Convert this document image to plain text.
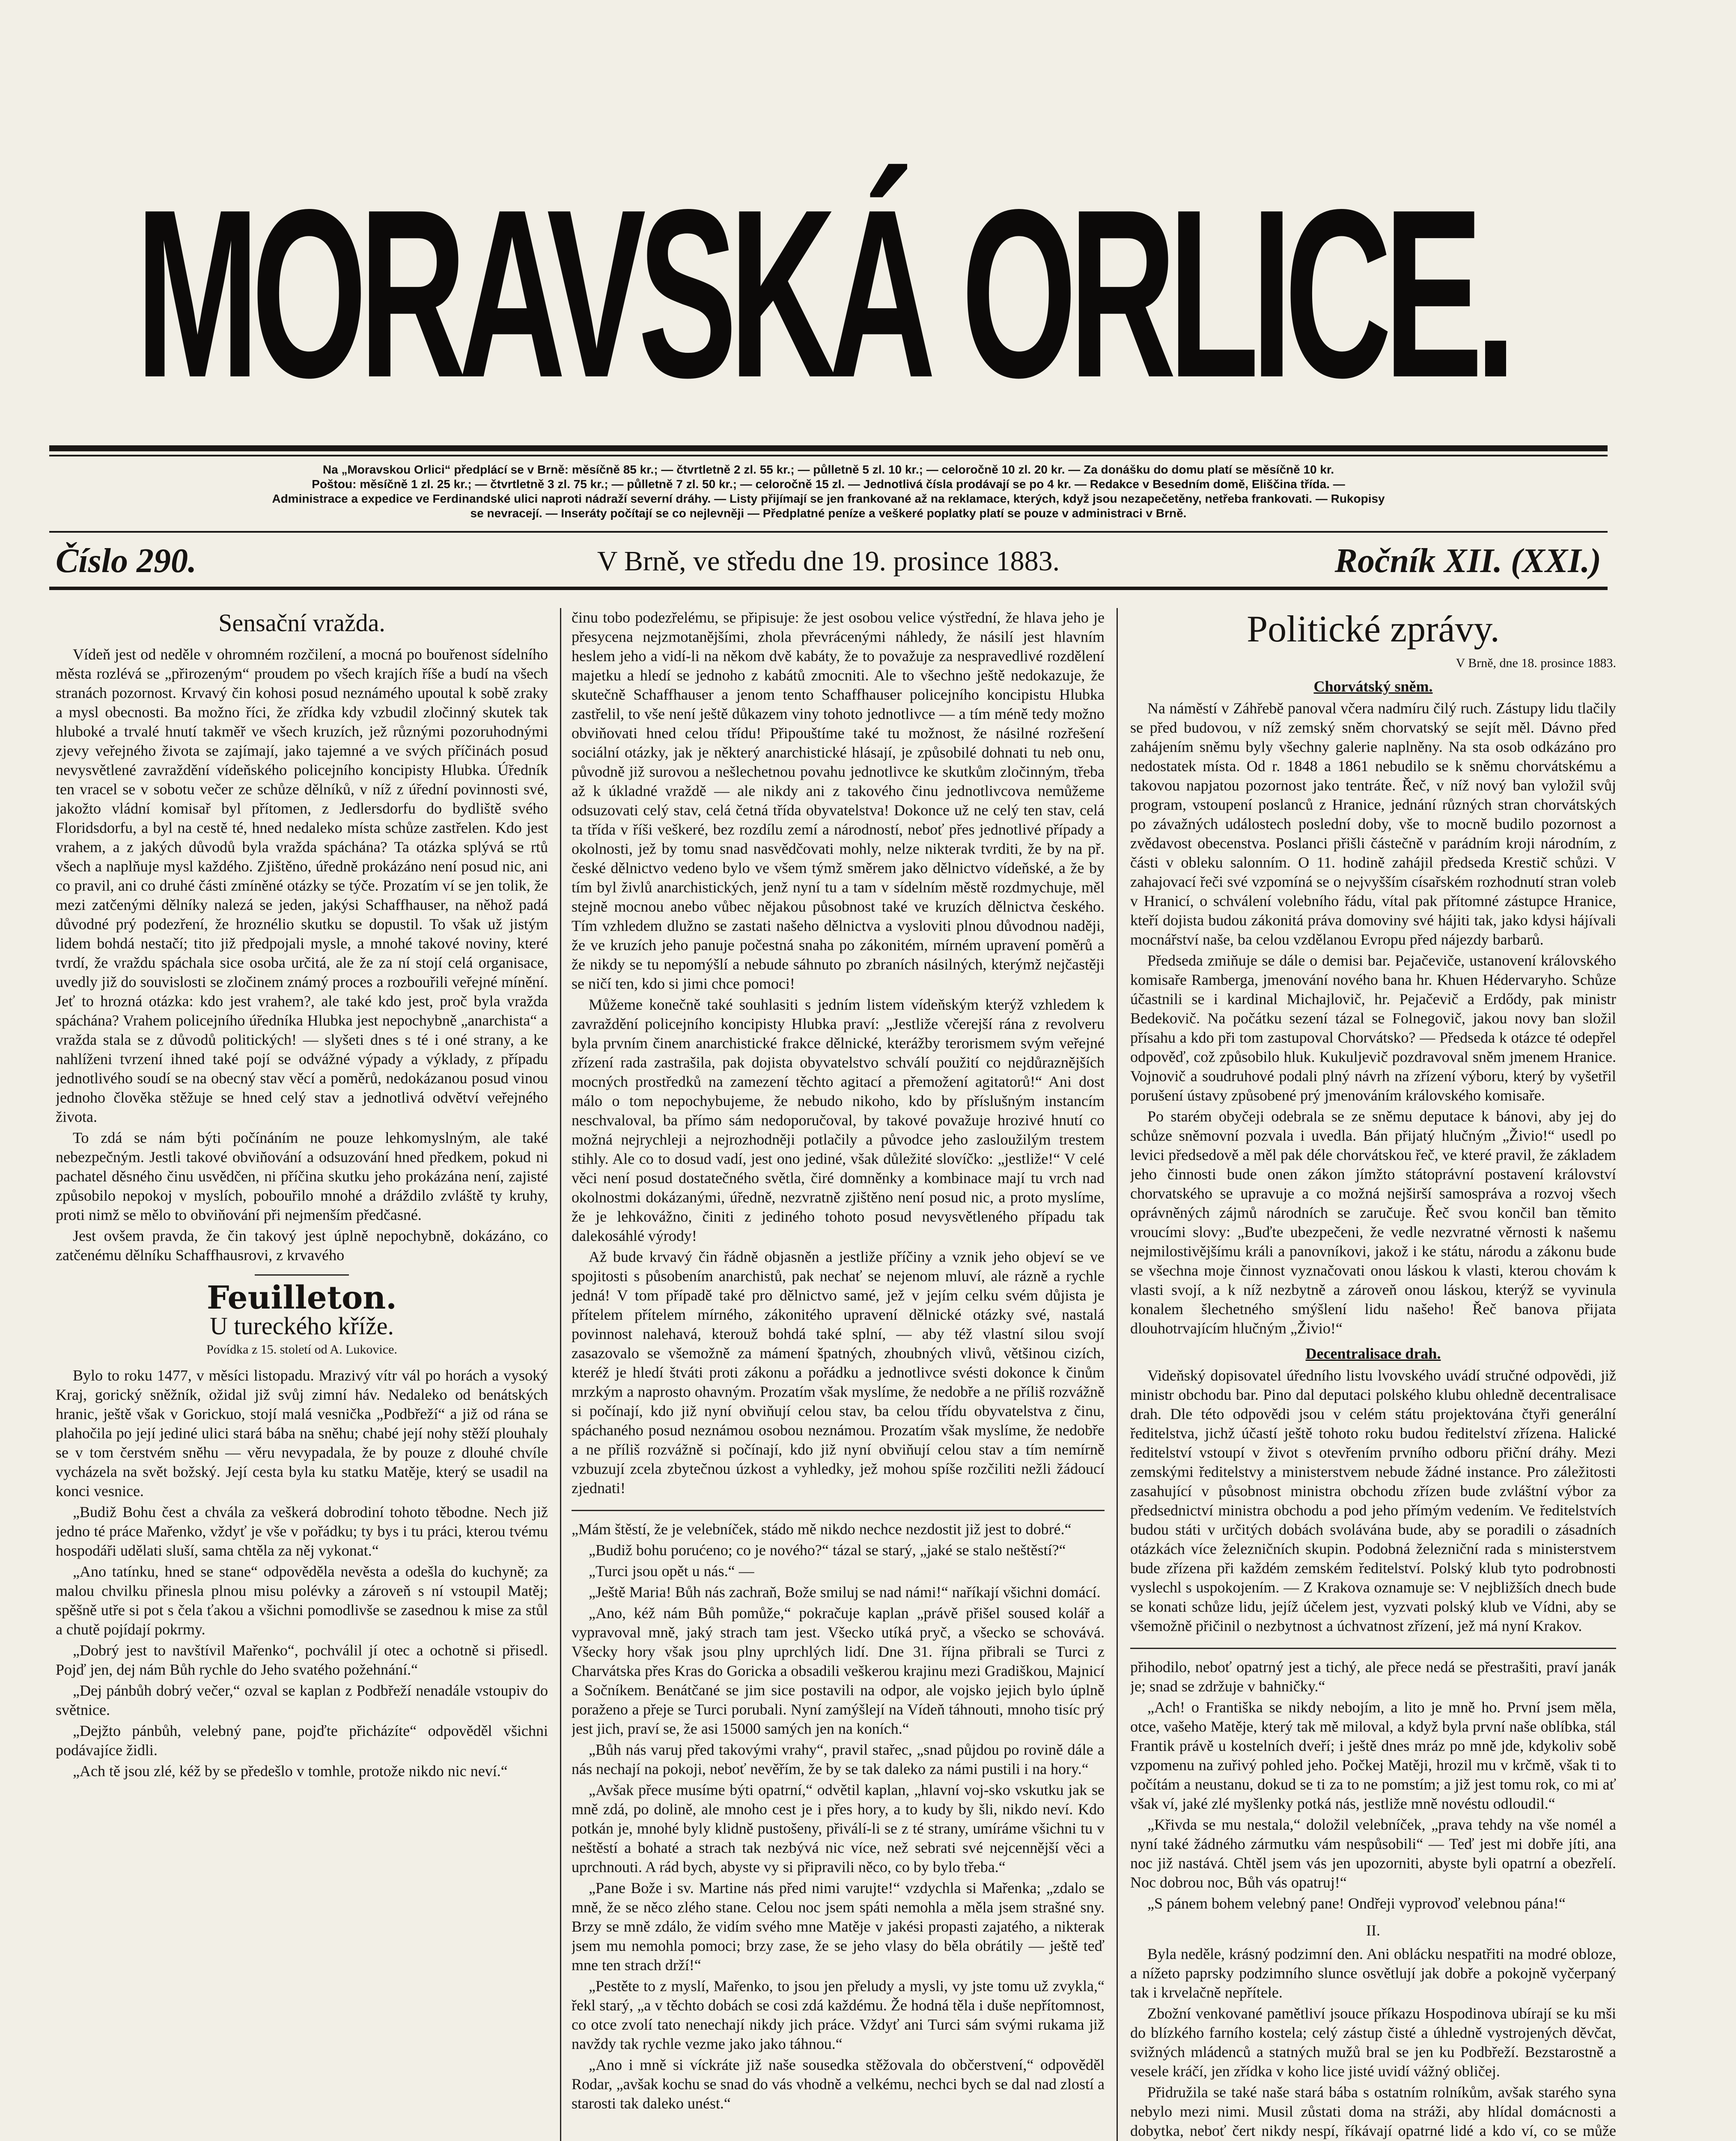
MORAVSKÁ ORLICE.

Na „Moravskou Orlici“ předplácí se v Brně: měsíčně 85 kr.; — čtvrtletně 2 zl. 55 kr.; — půlletně 5 zl. 10 kr.; — celoročně 10 zl. 20 kr. — Za donášku do domu platí se měsíčně 10 kr.

Poštou: měsíčně 1 zl. 25 kr.; — čtvrtletně 3 zl. 75 kr.; — půlletně 7 zl. 50 kr.; — celoročně 15 zl. — Jednotlivá čísla prodávají se po 4 kr. — Redakce v Besedním domě, Eliščina třída. —

Administrace a expedice ve Ferdinandské ulici naproti nádraží severní dráhy. — Listy přijímají se jen frankované až na reklamace, kterých, když jsou nezapečetěny, netřeba frankovati. — Rukopisy

se nevracejí. — Inseráty počítají se co nejlevněji — Předplatné peníze a veškeré poplatky platí se pouze v administraci v Brně.

Číslo 290.	V Brně, ve středu dne 19. prosince 1883.	Ročník XII. (XXI.)
Sensační vražda.

Vídeň jest od neděle v ohromném rozčilení, a mocná po bouřenost sídelního města rozlévá se „přirozeným“ proudem po všech krajích říše a budí na všech stranách pozornost. Krvavý čin kohosi posud neznámého upoutal k sobě zraky a mysl obecnosti. Ba možno říci, že zřídka kdy vzbudil zločinný skutek tak hluboké a trvalé hnutí takměř ve všech kruzích, jež různými pozoruhodnými zjevy veřejného života se zajímají, jako tajemné a ve svých příčinách posud nevysvětlené zavraždění vídeňského policejního koncipisty Hlubka. Úředník ten vracel se v sobotu večer ze schůze dělníků, v níž z úřední povinnosti své, jakožto vládní komisař byl přítomen, z Jedlersdorfu do bydliště svého Floridsdorfu, a byl na cestě té, hned nedaleko místa schůze zastřelen. Kdo jest vrahem, a z jakých důvodů byla vražda spáchána? Ta otázka splývá se rtů všech a naplňuje mysl každého. Zjištěno, úředně prokázáno není posud nic, ani co pravil, ani co druhé části zmíněné otázky se týče. Prozatím ví se jen tolik, že mezi zatčenými dělníky nalezá se jeden, jakýsi Schaffhauser, na něhož padá důvodné prý podezření, že hroznélio skutku se dopustil. To však už jistým lidem bohdá nestačí; tito již předpojali mysle, a mnohé takové noviny, které tvrdí, že vraždu spáchala sice osoba určitá, ale že za ní stojí celá organisace, uvedly již do souvislosti se zločinem známý proces a rozbouřili veřejné mínění. Jeť to hrozná otázka: kdo jest vrahem?, ale také kdo jest, proč byla vražda spáchána? Vrahem policejního úředníka Hlubka jest nepochybně „anarchista“ a vražda stala se z důvodů politických! — slyšeti dnes s té i oné strany, a ke nahlíženi tvrzení ihned také pojí se odvážné výpady a výklady, z případu jednotlivého soudí se na obecný stav věcí a poměrů, nedokázanou posud vinou jednoho člověka stěžuje se hned celý stav a jednotlivá odvětví veřejného života.

To zdá se nám býti počínáním ne pouze lehkomyslným, ale také nebezpečným. Jestli takové obviňování a odsuzování hned předkem, pokud ni pachatel děsného činu usvědčen, ni příčina skutku jeho prokázána není, zajisté způsobilo nepokoj v myslích, pobouřilo mnohé a dráždilo zvláště ty kruhy, proti nimž se mělo to obviňování při nejmenším předčasné.

Jest ovšem pravda, že čin takový jest úplně nepochybně, dokázáno, co zatčenému dělníku Schaffhausrovi, z krvavého

Feuilleton.
U tureckého kříže.
Povídka z 15. století od A. Lukovice.

Bylo to roku 1477, v měsíci listopadu. Mrazivý vítr vál po horách a vysoký Kraj, gorický sněžník, ožidal již svůj zimní háv. Nedaleko od benátských hranic, ještě však v Gorickuo, stojí malá vesnička „Podbřeží“ a již od rána se plahočila po její jediné ulici stará bába na sněhu; chabé její nohy stěží plouhaly se v tom čerstvém sněhu — věru nevypadala, že by pouze z dlouhé chvíle vycházela na svět božský. Její cesta byla ku statku Matěje, který se usadil na konci vesnice.

„Budiž Bohu čest a chvála za veškerá dobrodiní tohoto těbodne. Nech již jedno té práce Mařenko, vždyť je vše v pořádku; ty bys i tu práci, kterou tvému hospodáři udělati sluší, sama chtěla za něj vykonat.“

„Ano tatínku, hned se stane“ odpověděla nevěsta a odešla do kuchyně; za malou chvilku přinesla plnou misu polévky a zároveň s ní vstoupil Matěj; spěšně utře si pot s čela ťakou a všichni pomodlivše se zasednou k mise za stůl a chutě pojídají pokrmy.

„Dobrý jest to navštívil Mařenko“, pochválil jí otec a ochotně si přisedl. Pojď jen, dej nám Bůh rychle do Jeho svatého požehnání.“

„Dej pánbůh dobrý večer,“ ozval se kaplan z Podbřeží nenadále vstoupiv do světnice.

„Dejžto pánbůh, velebný pane, pojďte přicházíte“ odpověděl všichni podávajíce židli.

„Ach tě jsou zlé, kéž by se předešlo v tomhle, protože nikdo nic neví.“

činu tobo podezřelému, se připisuje: že jest osobou velice výstřední, že hlava jeho je přesycena nejzmotanějšími, zhola převrácenými náhledy, že násilí jest hlavním heslem jeho a vidí-li na někom dvě kabáty, že to považuje za nespravedlivé rozdělení majetku a hledí se jednoho z kabátů zmocniti. Ale to všechno ještě nedokazuje, že skutečně Schaffhauser a jenom tento Schaffhauser policejního koncipistu Hlubka zastřelil, to vše není ještě důkazem viny tohoto jednotlivce — a tím méně tedy možno obviňovati hned celou třídu! Připouštíme také tu možnost, že násilné rozřešení sociální otázky, jak je některý anarchistické hlásají, je způsobilé dohnati tu neb onu, původně již surovou a nešlechetnou povahu jednotlivce ke skutkům zločinným, třeba až k úkladné vraždě — ale nikdy ani z takového činu jednotlivcova nemůžeme odsuzovati celý stav, celá četná třída obyvatelstva! Dokonce už ne celý ten stav, celá ta třída v říši veškeré, bez rozdílu zemí a národností, neboť přes jednotlivé případy a okolnosti, jež by tomu snad nasvědčovati mohly, nelze nikterak tvrditi, že by na př. české dělnictvo vedeno bylo ve všem týmž směrem jako dělnictvo vídeňské, a že by tím byl živlů anarchistických, jenž nyní tu a tam v sídelním městě rozdmychuje, měl stejně mocnou anebo vůbec nějakou působnost také ve kruzích dělnictva českého. Tím vzhledem dlužno se zastati našeho dělnictva a vysloviti plnou důvodnou naději, že ve kruzích jeho panuje počestná snaha po zákonitém, mírném upravení poměrů a že nikdy se tu nepomýšlí a nebude sáhnuto po zbraních násilných, kterýmž nejčastěji se ničí ten, kdo si jimi chce pomoci!

Můžeme konečně také souhlasiti s jedním listem vídeňským kterýž vzhledem k zavraždění policejního koncipisty Hlubka praví: „Jestliže včerejší rána z revolveru byla prvním činem anarchistické frakce dělnické, kterážby terorismem svým veřejné zřízení rada zastrašila, pak dojista obyvatelstvo schválí použití co nejdůraznějších mocných prostředků na zamezení těchto agitací a přemožení agitatorů!“ Ani dost málo o tom nepochybujeme, že nebudo nikoho, kdo by příslušným instancím neschvaloval, ba přímo sám nedoporučoval, by takové považuje hrozivé hnutí co možná nejrychleji a nejrozhodněji potlačily a původce jeho zasloužilým trestem stihly. Ale co to dosud vadí, jest ono jediné, však důležité slovíčko: „jestliže!“ V celé věci není posud dostatečného světla, čiré domněnky a kombinace mají tu vrch nad okolnostmi dokázanými, úředně, nezvratně zjištěno není posud nic, a proto myslíme, že je lehkovážno, činiti z jediného tohoto posud nevysvětleného případu tak dalekosáhlé výrody!

Až bude krvavý čin řádně objasněn a jestliže příčiny a vznik jeho objeví se ve spojitosti s působením anarchistů, pak nechať se nejenom mluví, ale rázně a rychle jedná! V tom případě také pro dělnictvo samé, jež v jejím celku svém důjista je přítelem přítelem mírného, zákonitého upravení dělnické otázky své, nastalá povinnost nalehavá, kterouž bohdá také splní, — aby též vlastní silou svojí zasazovalo se všemožně za mámení špatných, zhoubných vlivů, většinou cizích, kteréž je hledí štváti proti zákonu a pořádku a jednotlivce svésti dokonce k činům mrzkým a naprosto ohavným. Prozatím však myslíme, že nedobře a ne příliš rozvážně si počínají, kdo již nyní obviňují celou stav, ba celou třídu obyvatelstva z činu, spáchaného posud neznámou osobou neznámou. Prozatím však myslíme, že nedobře a ne příliš rozvážně si počínají, kdo již nyní obviňují celou stav a tím nemírně vzbuzují zcela zbytečnou úzkost a vyhledky, jež mohou spíše rozčiliti nežli žádoucí zjednati!

„Mám štěstí, že je velebníček, stádo mě nikdo nechce nezdostit již jest to dobré.“

„Budiž bohu porućeno; co je nového?“ tázal se starý, „jaké se stalo neštěstí?“

„Turci jsou opět u nás.“ —

„Ještě Maria! Bůh nás zachraň, Bože smiluj se nad námi!“ naříkají všichni domácí.

„Ano, kéž nám Bůh pomůže,“ pokračuje kaplan „právě přišel soused kolář a vypravoval mně, jaký strach tam jest. Všecko utíká pryč, a všecko se schovává. Všecky hory však jsou plny uprchlých lidí. Dne 31. října přibrali se Turci z Charvátska přes Kras do Goricka a obsadili veškerou krajinu mezi Gradiškou, Majnicí a Sočníkem. Benátčané se jim sice postavili na odpor, ale vojsko jejich bylo úplně poraženo a přeje se Turci porubali. Nyní zamýšlejí na Vídeň táhnouti, mnoho tisíc prý jest jich, praví se, že asi 15000 samých jen na koních.“

„Bůh nás varuj před takovými vrahy“, pravil stařec, „snad půjdou po rovině dále a nás nechají na pokoji, neboť nevěřím, že by se tak daleko za námi pustili i na hory.“

„Avšak přece musíme býti opatrní,“ odvětil kaplan, „hlavní voj-sko vskutku jak se mně zdá, po dolině, ale mnoho cest je i přes hory, a to kudy by šli, nikdo neví. Kdo potkán je, mnohé byly klidně pustošeny, přiválí-li se z té strany, umíráme všichni tu v neštěstí a bohaté a strach tak nezbývá nic více, než sebrati své nejcennější věci a uprchnouti. A rád bych, abyste vy si připravili něco, co by bylo třeba.“

„Pane Bože i sv. Martine nás před nimi varujte!“ vzdychla si Mařenka; „zdalo se mně, že se něco zlého stane. Celou noc jsem spáti nemohla a měla jsem strašné sny. Brzy se mně zdálo, že vidím svého mne Matěje v jakési propasti zajatého, a nikterak jsem mu nemohla pomoci; brzy zase, že se jeho vlasy do běla obrátily — ještě teď mne ten strach drží!“

„Pestěte to z myslí, Mařenko, to jsou jen přeludy a mysli, vy jste tomu už zvykla,“ řekl starý, „a v těchto dobách se cosi zdá každému. Že hodná těla i duše nepřítomnost, co otce zvolí tato nenechají nikdy jich práce. Vždyť ani Turci sám svými rukama již navždy tak rychle vezme jako jako táhnou.“

„Ano i mně si víckráte již naše sousedka stěžovala do občerstvení,“ odpověděl Rodar, „avšak kochu se snad do vás vhodně a velkému, nechci bych se dal nad zlostí a starosti tak daleko unést.“

Politické zprávy.
V Brně, dne 18. prosince 1883.
Chorvátský sněm.

Na náměstí v Záhřebě panoval včera nadmíru čilý ruch. Zástupy lidu tlačily se před budovou, v níž zemský sněm chorvatský se sejít měl. Dávno před zahájením sněmu byly všechny galerie naplněny. Na sta osob odkázáno pro nedostatek místa. Od r. 1848 a 1861 nebudilo se k sněmu chorvátskému a takovou napjatou pozornost jako tentráte. Řeč, v níž nový ban vyložil svůj program, vstoupení poslanců z Hranice, jednání různých stran chorvátských po závažných událostech poslední doby, vše to mocně budilo pozornost a zvědavost obecenstva. Poslanci přišli částečně v parádním kroji národním, z části v obleku salonním. O 11. hodině zahájil předseda Krestič schůzi. V zahajovací řeči své vzpomíná se o nejvyšším císařském rozhodnutí stran voleb v Hranicí, o schválení volebního řádu, vítal pak přítomné zástupce Hranice, kteří dojista budou zákonitá práva domoviny své hájiti tak, jako kdysi hájívali mocnářství naše, ba celou vzdělanou Evropu před nájezdy barbarů.

Předseda zmiňuje se dále o demisi bar. Pejačeviče, ustanovení královského komisaře Ramberga, jmenování nového bana hr. Khuen Hédervaryho. Schůze účastnili se i kardinal Michajlovič, hr. Pejačevič a Erdődy, pak ministr Bedekovič. Na počátku sezení tázal se Folnegovič, jakou novy ban složil přísahu a kdo při tom zastupoval Chorvátsko? — Předseda k otázce té odepřel odpověď, což způsobilo hluk. Kukuljevič pozdravoval sněm jmenem Hranice. Vojnovič a soudruhové podali plný návrh na zřízení výboru, který by vyšetřil porušení ústavy způsobené prý jmenováním královského komisaře.

Po starém obyčeji odebrala se ze sněmu deputace k bánovi, aby jej do schůze sněmovní pozvala i uvedla. Bán přijatý hlučným „Živio!“ usedl po levici předsedově a měl pak déle chorvátskou řeč, ve které pravil, že základem jeho činnosti bude onen zákon jímžto státoprávní postavení království chorvatského se upravuje a co možná nejširší samospráva a rozvoj všech oprávněných zájmů národních se zaručuje. Řeč svou končil ban těmito vroucími slovy: „Buďte ubezpečeni, že vedle nezvratné věrnosti k našemu nejmilostivějšímu králi a panovníkovi, jakož i ke státu, národu a zákonu bude se všechna moje činnost vyznačovati onou láskou k vlasti, kterou chovám k vlasti svojí, a k níž nezbytně a zároveň onou láskou, kterýž se vyvinula konalem šlechetného smýšlení lidu našeho! Řeč banova přijata dlouhotrvajícím hlučným „Živio!“

Decentralisace drah.

Videňský dopisovatel úředního listu lvovského uvádí stručné odpovědi, již ministr obchodu bar. Pino dal deputaci polského klubu ohledně decentralisace drah. Dle této odpovědi jsou v celém státu projektována čtyři generální ředitelstva, jichž účastí ještě tohoto roku budou ředitelství zřízena. Halické ředitelství vstoupí v život s otevřením prvního odboru přiční dráhy. Mezi zemskými ředitelstvy a ministerstvem nebude žádné instance. Pro záležitosti zasahující v působnost ministra obchodu zřízen bude zvláštní výbor za předsednictví ministra obchodu a pod jeho přímým vedením. Ve ředitelstvích budou státi v určitých dobách svolávána bude, aby se poradili o zásadních otázkách více železničních skupin. Podobná železniční rada s ministerstvem bude zřízena při každém zemském ředitelství. Polský klub tyto podrobnosti vyslechl s uspokojením. — Z Krakova oznamuje se: V nejbližších dnech bude se konati schůze lidu, jejíž účelem jest, vyzvati polský klub ve Vídni, aby se všemožně přičinil o nezbytnost a úchvatnost zřízení, jež má nyní Krakov.

přihodilo, neboť opatrný jest a tichý, ale přece nedá se přestrašiti, praví janák je; snad se zdržuje v bahničky.“

„Ach! o Františka se nikdy nebojím, a lito je mně ho. První jsem měla, otce, vašeho Matěje, který tak mě miloval, a když byla první naše oblíbka, stál Frantik právě u kostelních dveří; i ještě dnes mráz po mně jde, kdykoliv sobě vzpomenu na zuřivý pohled jeho. Počkej Matěji, hrozil mu v krčmě, však ti to počítám a neustanu, dokud se ti za to ne pomstím; a již jest tomu rok, co mi ať však ví, jaké zlé myšlenky potká nás, jestliže mně novéstu odloudil.“

„Křivda se mu nestala,“ doložil velebníček, „prava tehdy na vše nomél a nyní také žádného zármutku vám nespůsobili“ — Teď jest mi dobře jíti, ana noc již nastává. Chtěl jsem vás jen upozorniti, abyste byli opatrní a obezřelí. Noc dobrou noc, Bůh vás opatruj!“

„S pánem bohem velebný pane! Ondřeji vyprovoď velebnou pána!“

II.

Byla neděle, krásný podzimní den. Ani oblácku nespatřiti na modré obloze, a nížeto paprsky podzimního slunce osvětlují jak dobře a pokojně vyčerpaný tak i krvelačně nepřítele.

Zbožní venkované pamětliví jsouce příkazu Hospodinova ubírají se ku mši do blízkého farního kostela; celý zástup čisté a úhledně vystrojených děvčat, svižných mládenců a statných mužů bral se jen ku Podbřeží. Bezstarostně a vesele kráčí, jen zřídka v koho lice jisté uvidí vážný obličej.

Přidružila se také naše stará bába s ostatním rolníkům, avšak starého syna nebylo mezi nimi. Musil zůstati doma na stráži, aby hlídal domácnosti a dobytka, neboť čert nikdy nespí, říkávají opatrné lidé a kdo ví, co se může
